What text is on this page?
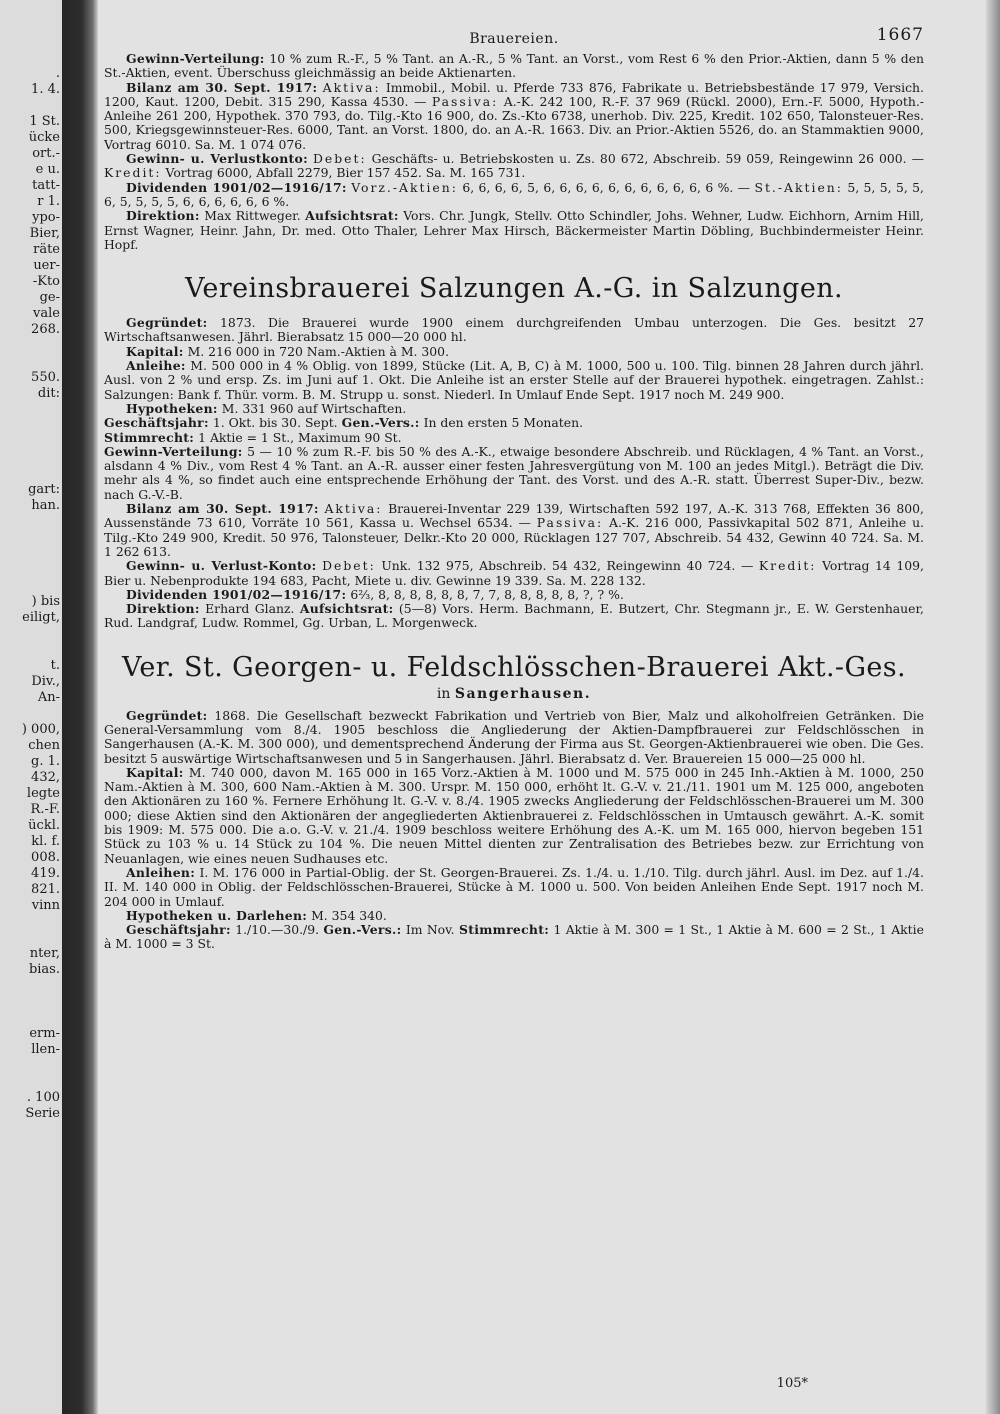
.
1. 4.

1 St.
ücke
ort.-
e u.
tatt-
r 1.
ypo-
Bier,
räte
uer-
-Kto
ge-
vale
268.

550.
dit:

gart:
han.

) bis
eiligt,

t.
Div.,
An-

) 000,
chen
g. 1.
432,
legte
R.-F.
ückl.
kl. f.
008.
419.
821.
vinn

nter,
bias.

erm-
llen-

. 100
Serie
Brauereien.	1667

Gewinn-Verteilung: 10 % zum R.-F., 5 % Tant. an A.-R., 5 % Tant. an Vorst., vom Rest 6 % den Prior.-Aktien, dann 5 % den St.-Aktien, event. Überschuss gleichmässig an beide Aktienarten.

Bilanz am 30. Sept. 1917: Aktiva: Immobil., Mobil. u. Pferde 733 876, Fabrikate u. Betriebsbestände 17 979, Versich. 1200, Kaut. 1200, Debit. 315 290, Kassa 4530. — Passiva: A.-K. 242 100, R.-F. 37 969 (Rückl. 2000), Ern.-F. 5000, Hypoth.-Anleihe 261 200, Hypothek. 370 793, do. Tilg.-Kto 16 900, do. Zs.-Kto 6738, unerhob. Div. 225, Kredit. 102 650, Talonsteuer-Res. 500, Kriegsgewinnsteuer-Res. 6000, Tant. an Vorst. 1800, do. an A.-R. 1663. Div. an Prior.-Aktien 5526, do. an Stammaktien 9000, Vortrag 6010. Sa. M. 1 074 076.

Gewinn- u. Verlustkonto: Debet: Geschäfts- u. Betriebskosten u. Zs. 80 672, Abschreib. 59 059, Reingewinn 26 000. — Kredit: Vortrag 6000, Abfall 2279, Bier 157 452. Sa. M. 165 731.

Dividenden 1901/02—1916/17: Vorz.-Aktien: 6, 6, 6, 6, 5, 6, 6, 6, 6, 6, 6, 6, 6, 6, 6, 6 %. — St.-Aktien: 5, 5, 5, 5, 5, 6, 5, 5, 5, 5, 6, 6, 6, 6, 6, 6 %.

Direktion: Max Rittweger. Aufsichtsrat: Vors. Chr. Jungk, Stellv. Otto Schindler, Johs. Wehner, Ludw. Eichhorn, Arnim Hill, Ernst Wagner, Heinr. Jahn, Dr. med. Otto Thaler, Lehrer Max Hirsch, Bäckermeister Martin Döbling, Buchbindermeister Heinr. Hopf.

Vereinsbrauerei Salzungen A.-G. in Salzungen.

Gegründet: 1873. Die Brauerei wurde 1900 einem durchgreifenden Umbau unterzogen. Die Ges. besitzt 27 Wirtschaftsanwesen. Jährl. Bierabsatz 15 000—20 000 hl.

Kapital: M. 216 000 in 720 Nam.-Aktien à M. 300.

Anleihe: M. 500 000 in 4 % Oblig. von 1899, Stücke (Lit. A, B, C) à M. 1000, 500 u. 100. Tilg. binnen 28 Jahren durch jährl. Ausl. von 2 % und ersp. Zs. im Juni auf 1. Okt. Die Anleihe ist an erster Stelle auf der Brauerei hypothek. eingetragen. Zahlst.: Salzungen: Bank f. Thür. vorm. B. M. Strupp u. sonst. Niederl. In Umlauf Ende Sept. 1917 noch M. 249 900.

Hypotheken: M. 331 960 auf Wirtschaften.

Geschäftsjahr: 1. Okt. bis 30. Sept. Gen.-Vers.: In den ersten 5 Monaten.

Stimmrecht: 1 Aktie = 1 St., Maximum 90 St.

Gewinn-Verteilung: 5 — 10 % zum R.-F. bis 50 % des A.-K., etwaige besondere Abschreib. und Rücklagen, 4 % Tant. an Vorst., alsdann 4 % Div., vom Rest 4 % Tant. an A.-R. ausser einer festen Jahresvergütung von M. 100 an jedes Mitgl.). Beträgt die Div. mehr als 4 %, so findet auch eine entsprechende Erhöhung der Tant. des Vorst. und des A.-R. statt. Überrest Super-Div., bezw. nach G.-V.-B.

Bilanz am 30. Sept. 1917: Aktiva: Brauerei-Inventar 229 139, Wirtschaften 592 197, A.-K. 313 768, Effekten 36 800, Aussenstände 73 610, Vorräte 10 561, Kassa u. Wechsel 6534. — Passiva: A.-K. 216 000, Passivkapital 502 871, Anleihe u. Tilg.-Kto 249 900, Kredit. 50 976, Talonsteuer, Delkr.-Kto 20 000, Rücklagen 127 707, Abschreib. 54 432, Gewinn 40 724. Sa. M. 1 262 613.

Gewinn- u. Verlust-Konto: Debet: Unk. 132 975, Abschreib. 54 432, Reingewinn 40 724. — Kredit: Vortrag 14 109, Bier u. Nebenprodukte 194 683, Pacht, Miete u. div. Gewinne 19 339. Sa. M. 228 132.

Dividenden 1901/02—1916/17: 6⅔, 8, 8, 8, 8, 8, 8, 7, 7, 8, 8, 8, 8, 8, ?, ? %.

Direktion: Erhard Glanz. Aufsichtsrat: (5—8) Vors. Herm. Bachmann, E. Butzert, Chr. Stegmann jr., E. W. Gerstenhauer, Rud. Landgraf, Ludw. Rommel, Gg. Urban, L. Morgenweck.

Ver. St. Georgen- u. Feldschlösschen-Brauerei Akt.-Ges.
in Sangerhausen.

Gegründet: 1868. Die Gesellschaft bezweckt Fabrikation und Vertrieb von Bier, Malz und alkoholfreien Getränken. Die General-Versammlung vom 8./4. 1905 beschloss die Angliederung der Aktien-Dampfbrauerei zur Feldschlösschen in Sangerhausen (A.-K. M. 300 000), und dementsprechend Änderung der Firma aus St. Georgen-Aktienbrauerei wie oben. Die Ges. besitzt 5 auswärtige Wirtschaftsanwesen und 5 in Sangerhausen. Jährl. Bierabsatz d. Ver. Brauereien 15 000—25 000 hl.

Kapital: M. 740 000, davon M. 165 000 in 165 Vorz.-Aktien à M. 1000 und M. 575 000 in 245 Inh.-Aktien à M. 1000, 250 Nam.-Aktien à M. 300, 600 Nam.-Aktien à M. 300. Urspr. M. 150 000, erhöht lt. G.-V. v. 21./11. 1901 um M. 125 000, angeboten den Aktionären zu 160 %. Fernere Erhöhung lt. G.-V. v. 8./4. 1905 zwecks Angliederung der Feldschlösschen-Brauerei um M. 300 000; diese Aktien sind den Aktionären der angegliederten Aktienbrauerei z. Feldschlösschen in Umtausch gewährt. A.-K. somit bis 1909: M. 575 000. Die a.o. G.-V. v. 21./4. 1909 beschloss weitere Erhöhung des A.-K. um M. 165 000, hiervon begeben 151 Stück zu 103 % u. 14 Stück zu 104 %. Die neuen Mittel dienten zur Zentralisation des Betriebes bezw. zur Errichtung von Neuanlagen, wie eines neuen Sudhauses etc.

Anleihen: I. M. 176 000 in Partial-Oblig. der St. Georgen-Brauerei. Zs. 1./4. u. 1./10. Tilg. durch jährl. Ausl. im Dez. auf 1./4. II. M. 140 000 in Oblig. der Feldschlösschen-Brauerei, Stücke à M. 1000 u. 500. Von beiden Anleihen Ende Sept. 1917 noch M. 204 000 in Umlauf.

Hypotheken u. Darlehen: M. 354 340.

Geschäftsjahr: 1./10.—30./9. Gen.-Vers.: Im Nov. Stimmrecht: 1 Aktie à M. 300 = 1 St., 1 Aktie à M. 600 = 2 St., 1 Aktie à M. 1000 = 3 St.

105*
